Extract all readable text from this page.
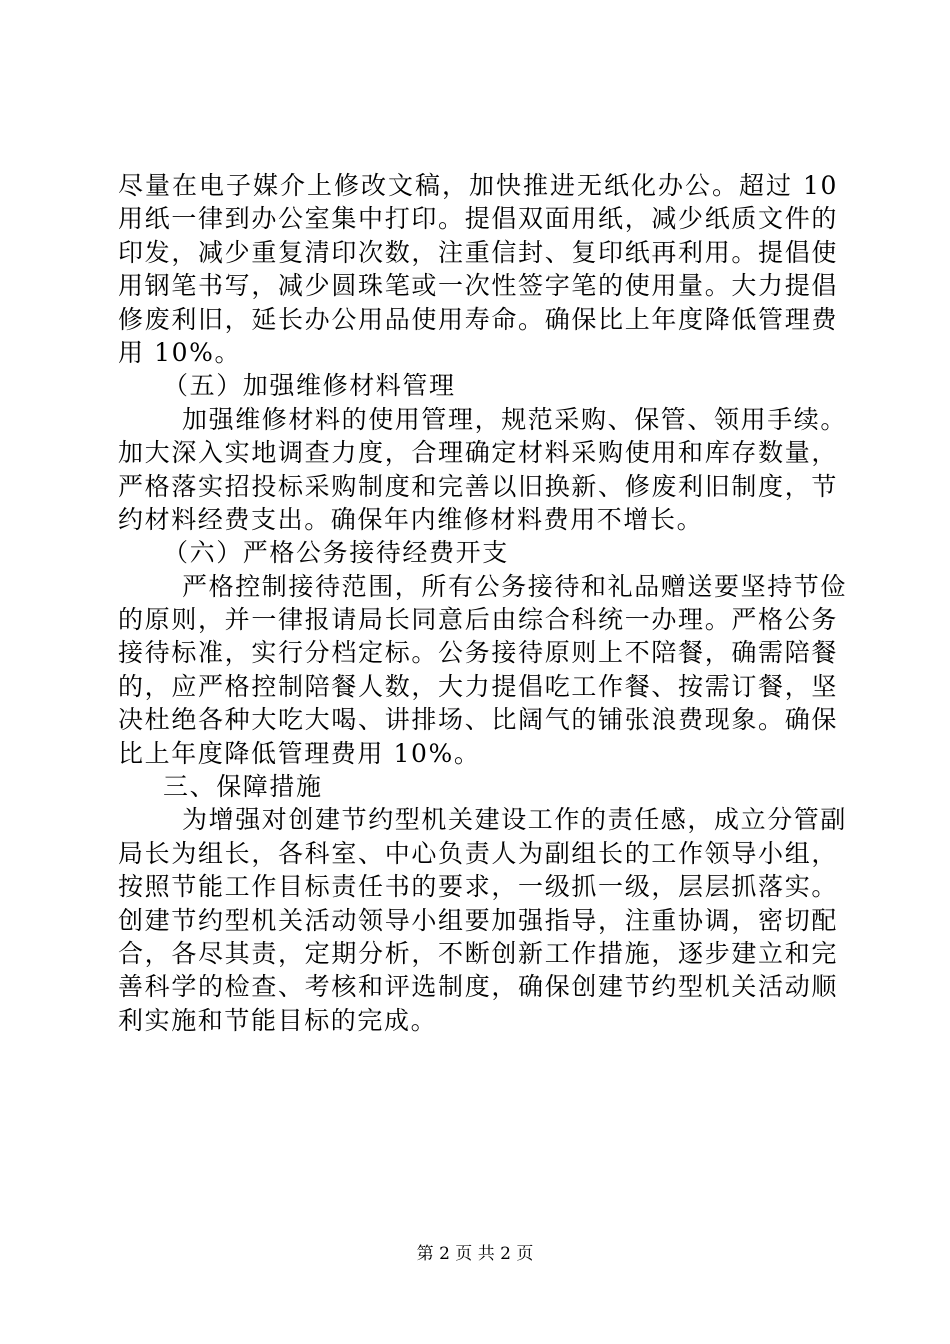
尽量在电子媒介上修改文稿，加快推进无纸化办公。超过 10
用纸一律到办公室集中打印。提倡双面用纸，减少纸质文件的
印发，减少重复清印次数，注重信封、复印纸再利用。提倡使
用钢笔书写，减少圆珠笔或一次性签字笔的使用量。大力提倡
修废利旧，延长办公用品使用寿命。确保比上年度降低管理费
用 10%。
（五）加强维修材料管理
加强维修材料的使用管理，规范采购、保管、领用手续。
加大深入实地调查力度，合理确定材料采购使用和库存数量，
严格落实招投标采购制度和完善以旧换新、修废利旧制度，节
约材料经费支出。确保年内维修材料费用不增长。
（六）严格公务接待经费开支
严格控制接待范围，所有公务接待和礼品赠送要坚持节俭
的原则，并一律报请局长同意后由综合科统一办理。严格公务
接待标准，实行分档定标。公务接待原则上不陪餐，确需陪餐
的，应严格控制陪餐人数，大力提倡吃工作餐、按需订餐，坚
决杜绝各种大吃大喝、讲排场、比阔气的铺张浪费现象。确保
比上年度降低管理费用 10%。
三、保障措施
为增强对创建节约型机关建设工作的责任感，成立分管副
局长为组长，各科室、中心负责人为副组长的工作领导小组，
按照节能工作目标责任书的要求，一级抓一级，层层抓落实。
创建节约型机关活动领导小组要加强指导，注重协调，密切配
合，各尽其责，定期分析，不断创新工作措施，逐步建立和完
善科学的检查、考核和评选制度，确保创建节约型机关活动顺
利实施和节能目标的完成。
第 2 页 共 2 页
